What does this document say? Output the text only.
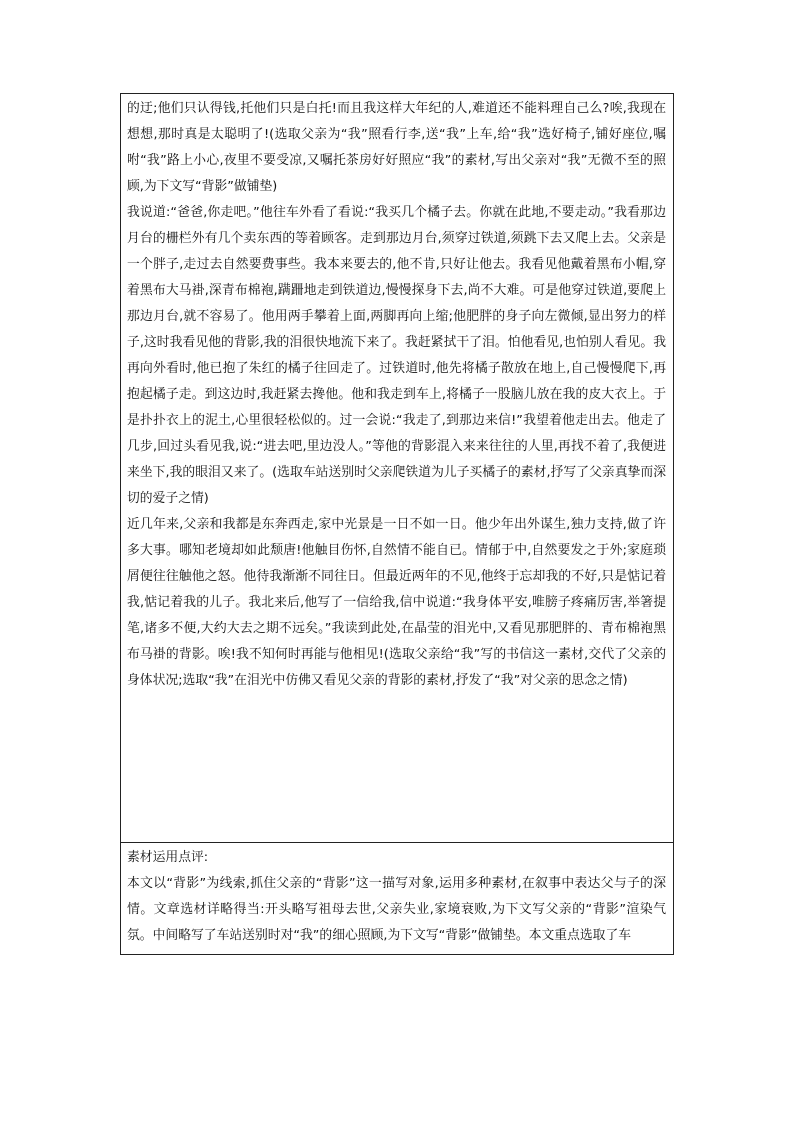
的迂;他们只认得钱,托他们只是白托!而且我这样大年纪的人,难道还不能料理自己么?唉,我现在想想,那时真是太聪明了!(选取父亲为“我”照看行李,送“我”上车,给“我”选好椅子,铺好座位,嘱咐“我”路上小心,夜里不要受凉,又嘱托茶房好好照应“我”的素材,写出父亲对“我”无微不至的照顾,为下文写“背影”做铺垫)

我说道:“爸爸,你走吧。”他往车外看了看说:“我买几个橘子去。你就在此地,不要走动。”我看那边月台的栅栏外有几个卖东西的等着顾客。走到那边月台,须穿过铁道,须跳下去又爬上去。父亲是一个胖子,走过去自然要费事些。我本来要去的,他不肯,只好让他去。我看见他戴着黑布小帽,穿着黑布大马褂,深青布棉袍,蹒跚地走到铁道边,慢慢探身下去,尚不大难。可是他穿过铁道,要爬上那边月台,就不容易了。他用两手攀着上面,两脚再向上缩;他肥胖的身子向左微倾,显出努力的样子,这时我看见他的背影,我的泪很快地流下来了。我赶紧拭干了泪。怕他看见,也怕别人看见。我再向外看时,他已抱了朱红的橘子往回走了。过铁道时,他先将橘子散放在地上,自己慢慢爬下,再抱起橘子走。到这边时,我赶紧去搀他。他和我走到车上,将橘子一股脑儿放在我的皮大衣上。于是扑扑衣上的泥土,心里很轻松似的。过一会说:“我走了,到那边来信!”我望着他走出去。他走了几步,回过头看见我,说:“进去吧,里边没人。”等他的背影混入来来往往的人里,再找不着了,我便进来坐下,我的眼泪又来了。(选取车站送别时父亲爬铁道为儿子买橘子的素材,抒写了父亲真挚而深切的爱子之情)

近几年来,父亲和我都是东奔西走,家中光景是一日不如一日。他少年出外谋生,独力支持,做了许多大事。哪知老境却如此颓唐!他触目伤怀,自然情不能自已。情郁于中,自然要发之于外;家庭琐屑便往往触他之怒。他待我渐渐不同往日。但最近两年的不见,他终于忘却我的不好,只是惦记着我,惦记着我的儿子。我北来后,他写了一信给我,信中说道:“我身体平安,唯膀子疼痛厉害,举箸提笔,诸多不便,大约大去之期不远矣。”我读到此处,在晶莹的泪光中,又看见那肥胖的、青布棉袍黑布马褂的背影。唉!我不知何时再能与他相见!(选取父亲给“我”写的书信这一素材,交代了父亲的身体状况;选取“我”在泪光中仿佛又看见父亲的背影的素材,抒发了“我”对父亲的思念之情)

素材运用点评:

本文以“背影”为线索,抓住父亲的“背影”这一描写对象,运用多种素材,在叙事中表达父与子的深情。文章选材详略得当:开头略写祖母去世,父亲失业,家境衰败,为下文写父亲的“背影”渲染气氛。中间略写了车站送别时对“我”的细心照顾,为下文写“背影”做铺垫。本文重点选取了车
